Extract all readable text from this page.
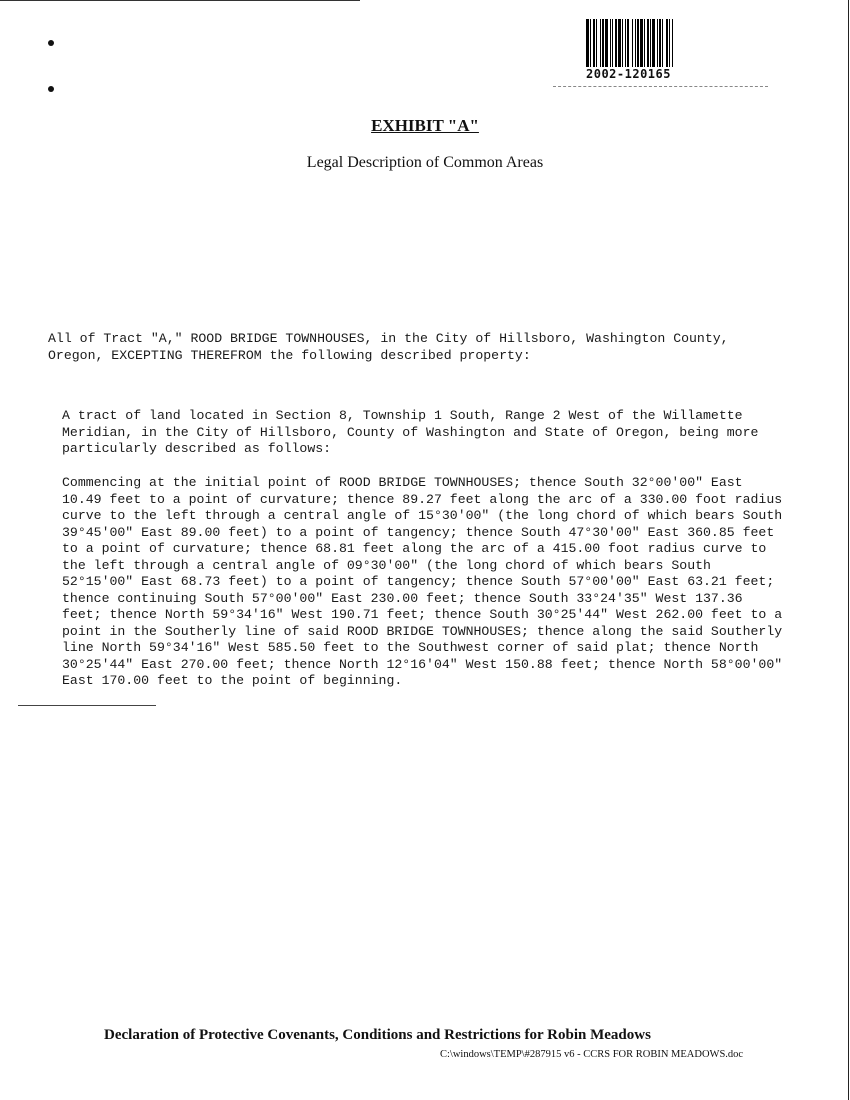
2002-120165
EXHIBIT "A"
Legal Description of Common Areas
All of Tract "A," ROOD BRIDGE TOWNHOUSES, in the City of Hillsboro, Washington County,
Oregon, EXCEPTING THEREFROM the following described property:
A tract of land located in Section 8, Township 1 South, Range 2 West of the Willamette
Meridian, in the City of Hillsboro, County of Washington and State of Oregon, being more
particularly described as follows:
Commencing at the initial point of ROOD BRIDGE TOWNHOUSES; thence South 32°00'00" East
10.49 feet to a point of curvature; thence 89.27 feet along the arc of a 330.00 foot radius
curve to the left through a central angle of 15°30'00" (the long chord of which bears South
39°45'00" East 89.00 feet) to a point of tangency; thence South 47°30'00" East 360.85 feet
to a point of curvature; thence 68.81 feet along the arc of a 415.00 foot radius curve to
the left through a central angle of 09°30'00" (the long chord of which bears South
52°15'00" East 68.73 feet) to a point of tangency; thence South 57°00'00" East 63.21 feet;
thence continuing South 57°00'00" East 230.00 feet; thence South 33°24'35" West 137.36
feet; thence North 59°34'16" West 190.71 feet; thence South 30°25'44" West 262.00 feet to a
point in the Southerly line of said ROOD BRIDGE TOWNHOUSES; thence along the said Southerly
line North 59°34'16" West 585.50 feet to the Southwest corner of said plat; thence North
30°25'44" East 270.00 feet; thence North 12°16'04" West 150.88 feet; thence North 58°00'00"
East 170.00 feet to the point of beginning.
Declaration of Protective Covenants, Conditions and Restrictions for Robin Meadows
C:\windows\TEMP\#287915 v6 - CCRS FOR ROBIN MEADOWS.doc
